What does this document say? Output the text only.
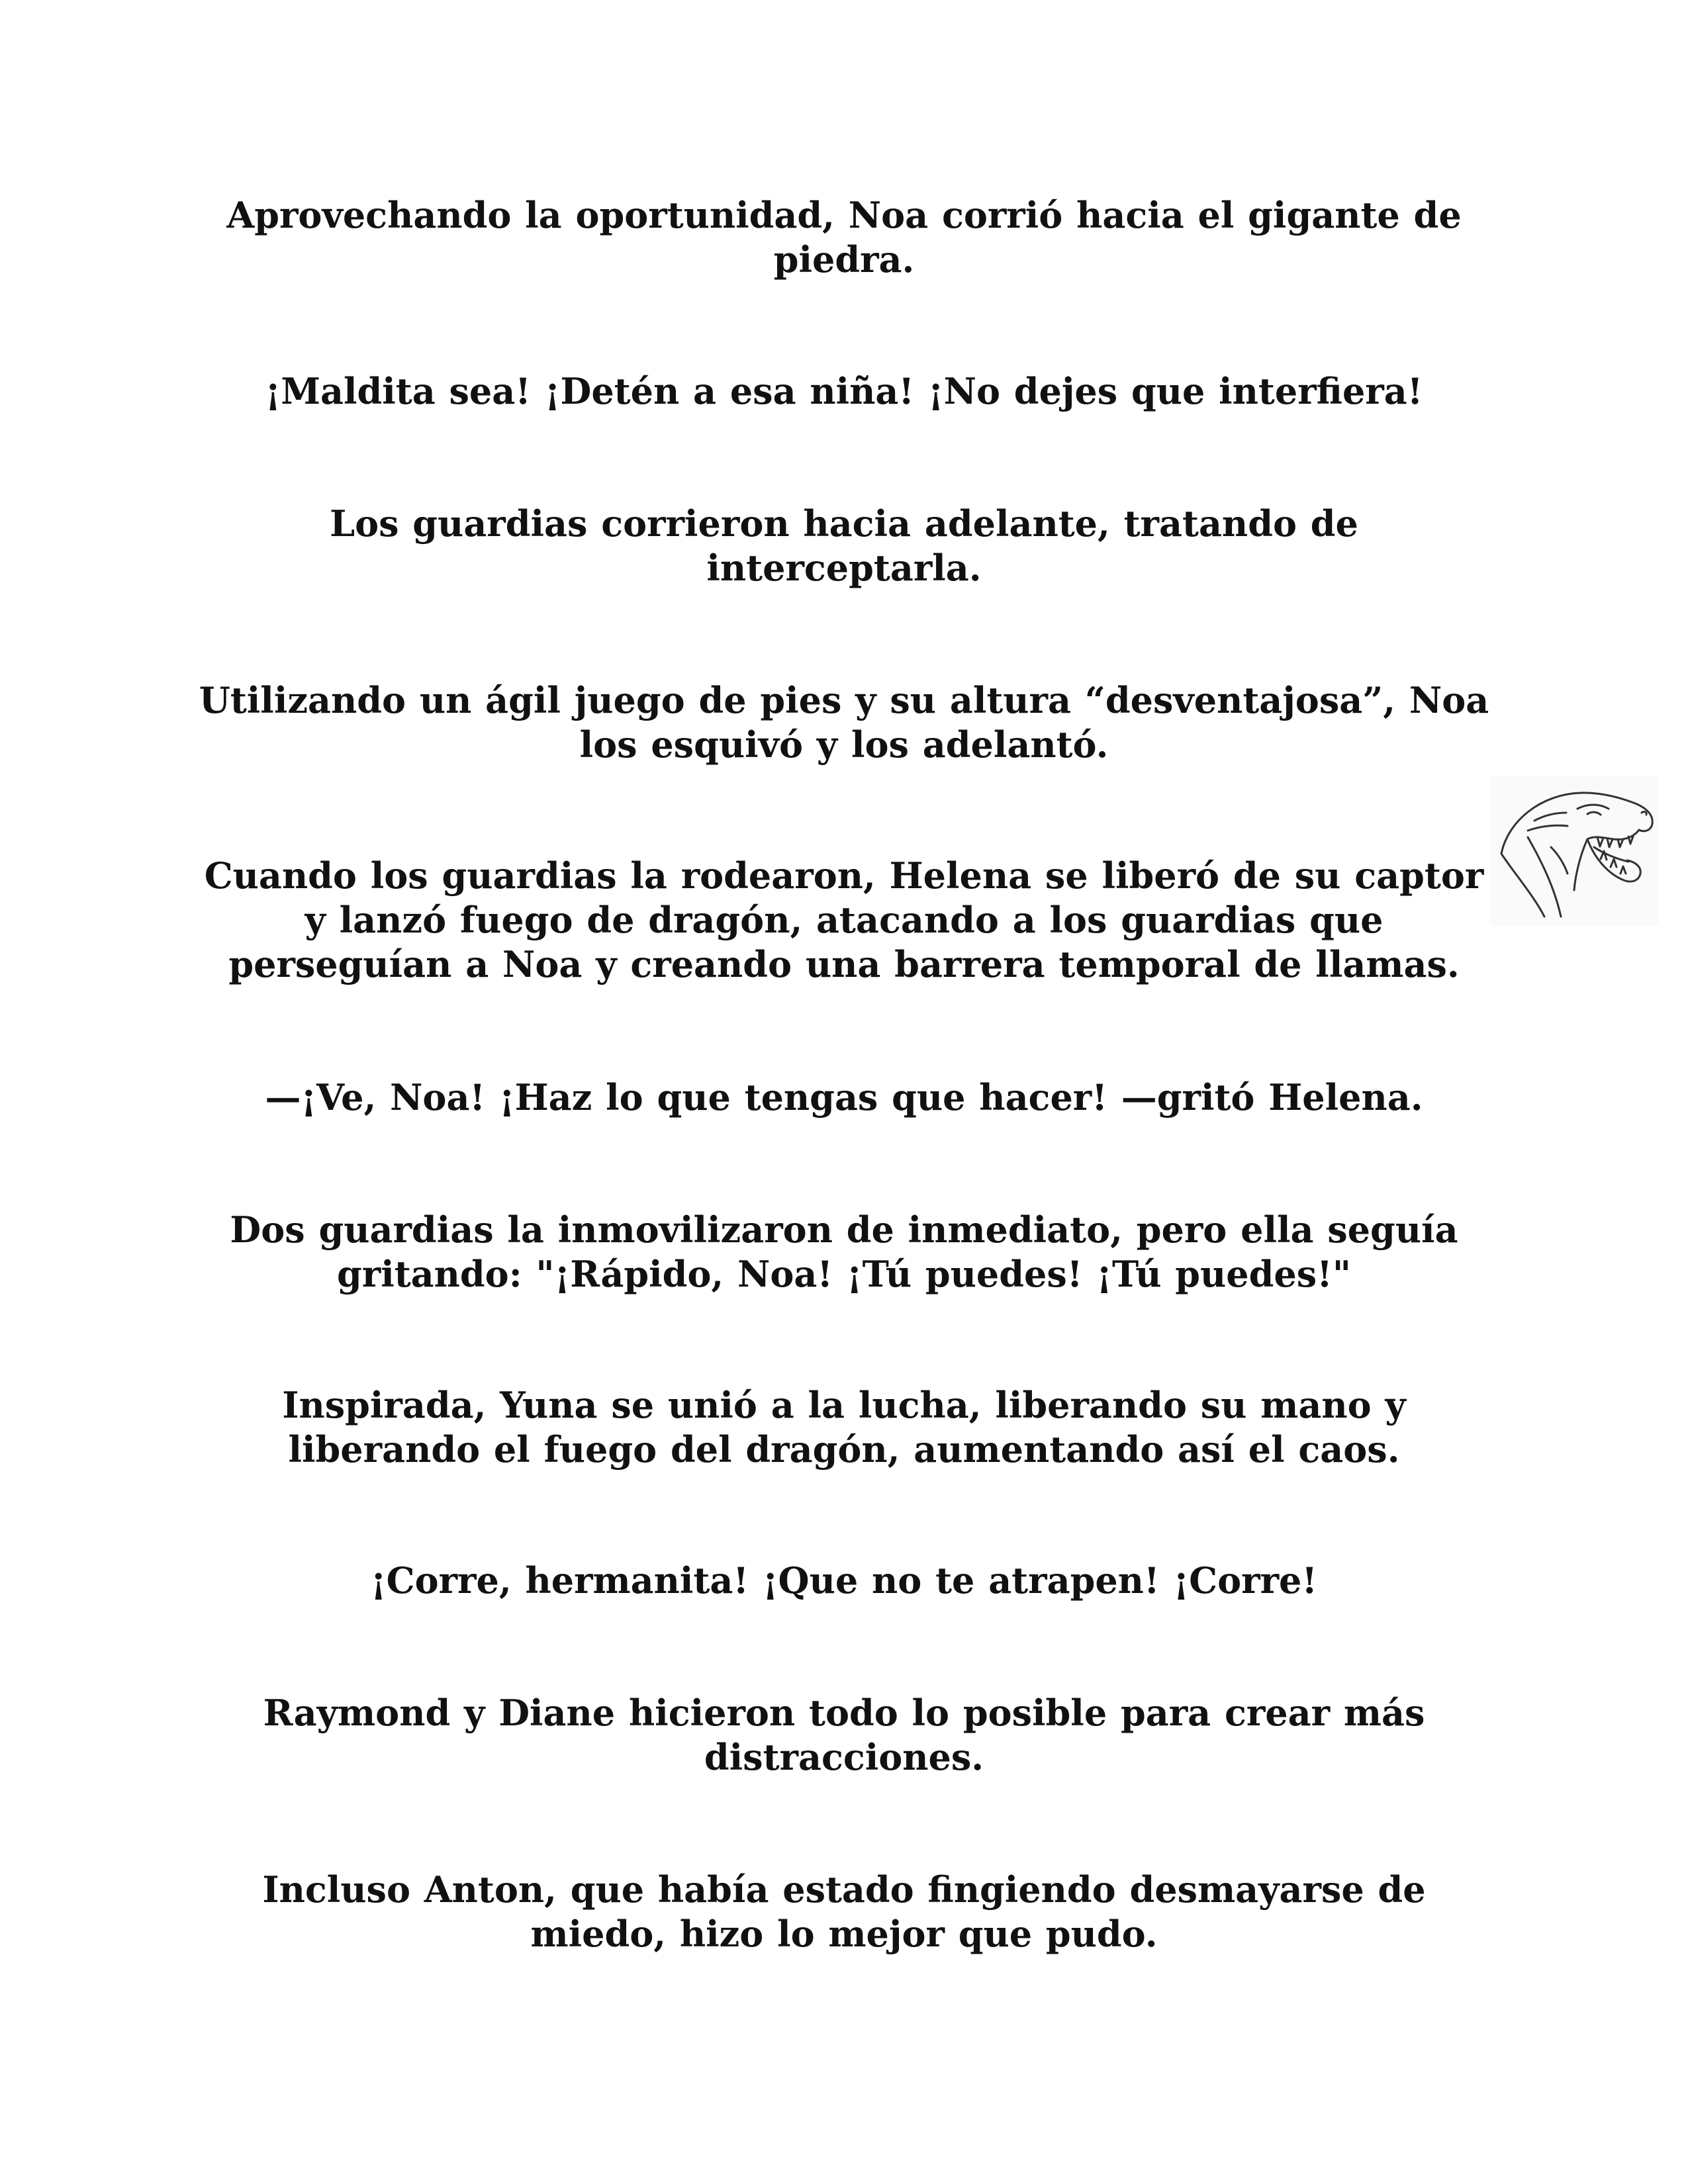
Aprovechando la oportunidad, Noa corrió hacia el gigante de piedra.

¡Maldita sea! ¡Detén a esa niña! ¡No dejes que interfiera!

Los guardias corrieron hacia adelante, tratando de interceptarla.

Utilizando un ágil juego de pies y su altura “desventajosa”, Noa los esquivó y los adelantó.

Cuando los guardias la rodearon, Helena se liberó de su captor y lanzó fuego de dragón, atacando a los guardias que perseguían a Noa y creando una barrera temporal de llamas.

—¡Ve, Noa! ¡Haz lo que tengas que hacer! —gritó Helena.

Dos guardias la inmovilizaron de inmediato, pero ella seguía gritando: "¡Rápido, Noa! ¡Tú puedes! ¡Tú puedes!"

Inspirada, Yuna se unió a la lucha, liberando su mano y liberando el fuego del dragón, aumentando así el caos.

¡Corre, hermanita! ¡Que no te atrapen! ¡Corre!

Raymond y Diane hicieron todo lo posible para crear más distracciones.

Incluso Anton, que había estado fingiendo desmayarse de miedo, hizo lo mejor que pudo.
